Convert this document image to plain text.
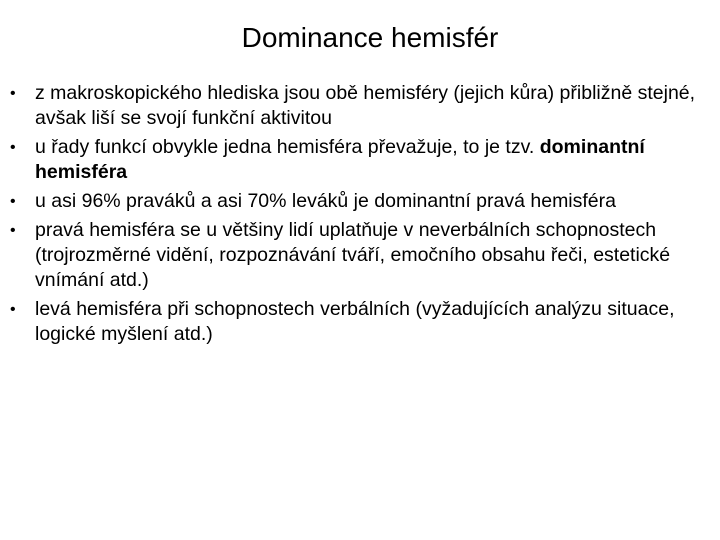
Dominance hemisfér
• z makroskopického hlediska jsou obě hemisféry (jejich kůra) přibližně stejné, avšak liší se svojí funkční aktivitou
• u řady funkcí obvykle jedna hemisféra převažuje, to je tzv. dominantní hemisféra
• u asi 96% praváků a asi 70% leváků je dominantní pravá hemisféra
• pravá hemisféra se u většiny lidí uplatňuje v neverbálních schopnostech (trojrozměrné vidění, rozpoznávání tváří, emočního obsahu řeči, estetické vnímání atd.)
• levá hemisféra při schopnostech verbálních (vyžadujících analýzu situace, logické myšlení atd.)
